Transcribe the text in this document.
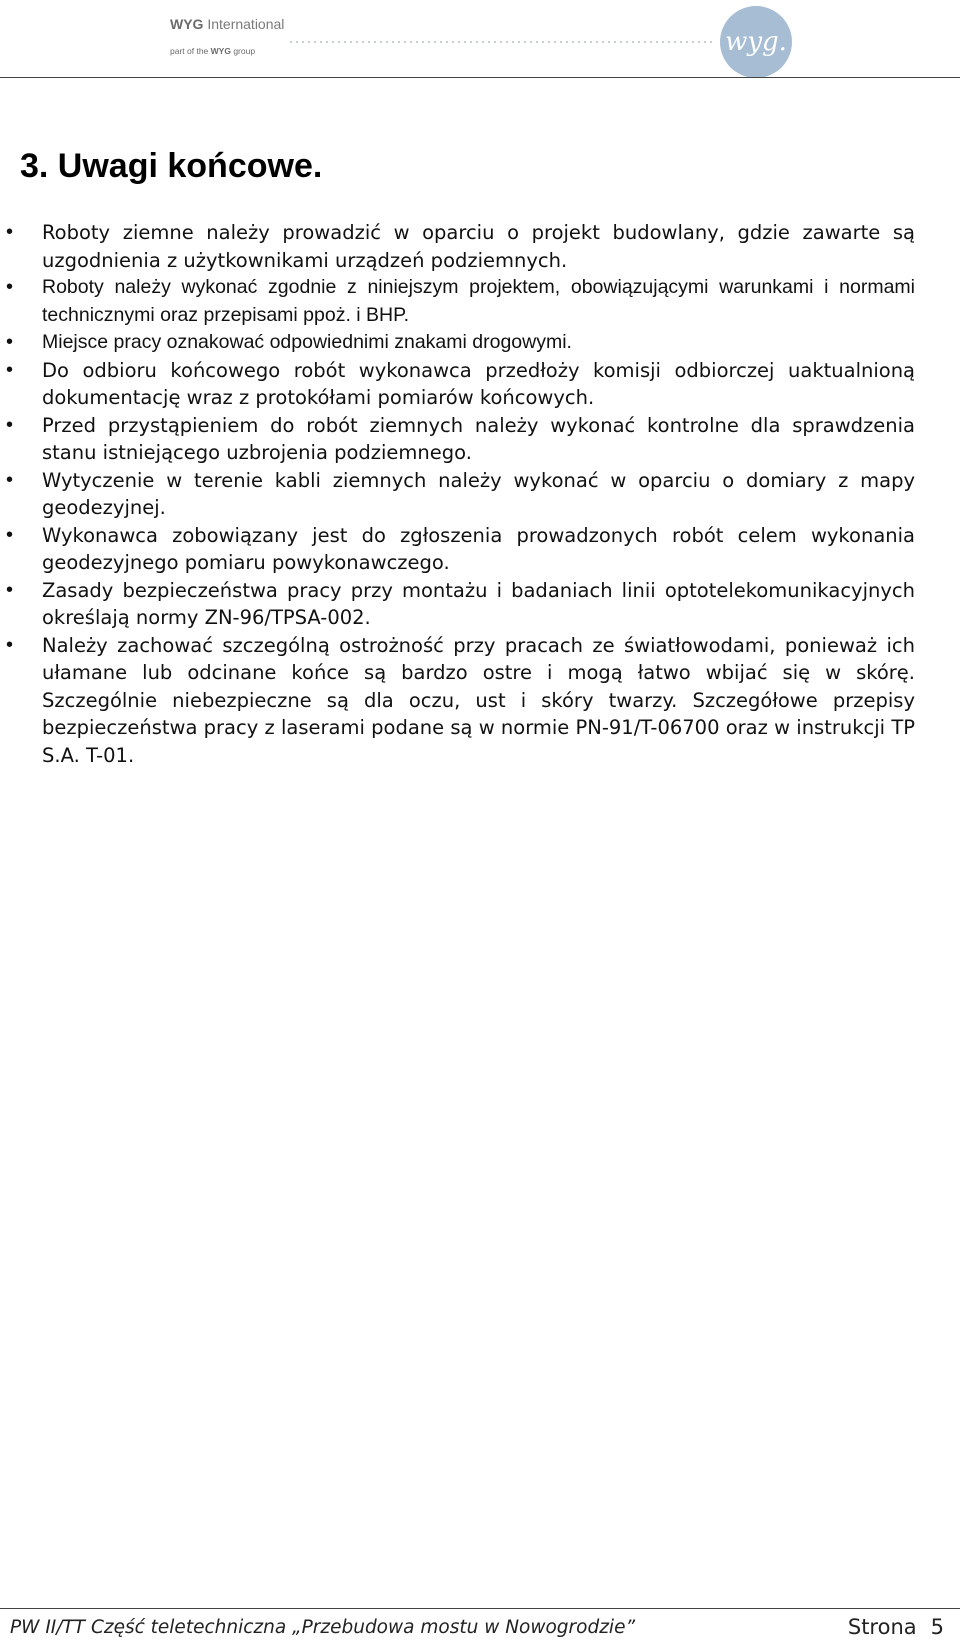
WYG International
part of the WYG group	wyg.
3. Uwagi końcowe.
• Roboty ziemne należy prowadzić w oparciu o projekt budowlany, gdzie zawarte są uzgodnienia z użytkownikami urządzeń podziemnych.
• Roboty należy wykonać zgodnie z niniejszym projektem, obowiązującymi warunkami i normami technicznymi oraz przepisami ppoż. i BHP.
• Miejsce pracy oznakować odpowiednimi znakami drogowymi.
• Do odbioru końcowego robót wykonawca przedłoży komisji odbiorczej uaktualnioną dokumentację wraz z protokółami pomiarów końcowych.
• Przed przystąpieniem do robót ziemnych należy wykonać kontrolne dla sprawdzenia stanu istniejącego uzbrojenia podziemnego.
• Wytyczenie w terenie kabli ziemnych należy wykonać w oparciu o domiary z mapy geodezyjnej.
• Wykonawca zobowiązany jest do zgłoszenia prowadzonych robót celem wykonania geodezyjnego pomiaru powykonawczego.
• Zasady bezpieczeństwa pracy przy montażu i badaniach linii optotelekomunikacyjnych określają normy ZN-96/TPSA-002.
• Należy zachować szczególną ostrożność przy pracach ze światłowodami, ponieważ ich ułamane lub odcinane końce są bardzo ostre i mogą łatwo wbijać się w skórę. Szczególnie niebezpieczne są dla oczu, ust i skóry twarzy. Szczegółowe przepisy bezpieczeństwa pracy z laserami podane są w normie PN-91/T-06700 oraz w instrukcji TP S.A. T-01.
PW II/TT Część teletechniczna „Przebudowa mostu w Nowogrodzie”	Strona 5
